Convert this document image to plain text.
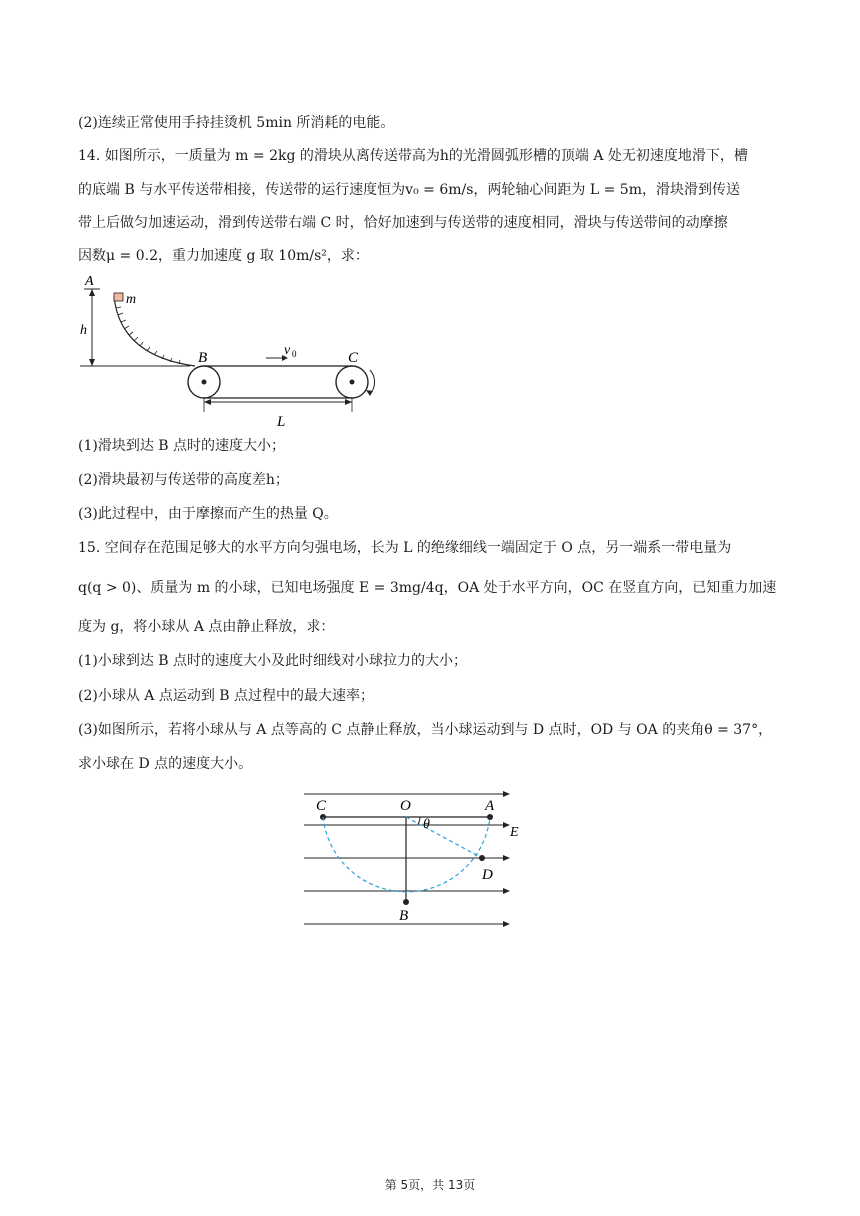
(2)连续正常使用手持挂烫机 5min 所消耗的电能。
14. 如图所示，一质量为 m = 2kg 的滑块从离传送带高为h的光滑圆弧形槽的顶端 A 处无初速度地滑下，槽
的底端 B 与水平传送带相接，传送带的运行速度恒为v₀ = 6m/s，两轮轴心间距为 L = 5m，滑块滑到传送
带上后做匀加速运动，滑到传送带右端 C 时，恰好加速到与传送带的速度相同，滑块与传送带间的动摩擦
因数μ = 0.2，重力加速度 g 取 10m/s²，求：
(1)滑块到达 B 点时的速度大小；
(2)滑块最初与传送带的高度差h；
(3)此过程中，由于摩擦而产生的热量 Q。
15. 空间存在范围足够大的水平方向匀强电场，长为 L 的绝缘细线一端固定于 O 点，另一端系一带电量为
q(q > 0)、质量为 m 的小球，已知电场强度 E = 3mg/4q，OA 处于水平方向，OC 在竖直方向，已知重力加速
度为 g，将小球从 A 点由静止释放，求：
(1)小球到达 B 点时的速度大小及此时细线对小球拉力的大小；
(2)小球从 A 点运动到 B 点过程中的最大速率；
(3)如图所示，若将小球从与 A 点等高的 C 点静止释放，当小球运动到与 D 点时，OD 与 OA 的夹角θ = 37°，
求小球在 D 点的速度大小。
A
h
m
B	C
v 0
L
C	O	A
θ
E
D
B
第 5页，共 13页
